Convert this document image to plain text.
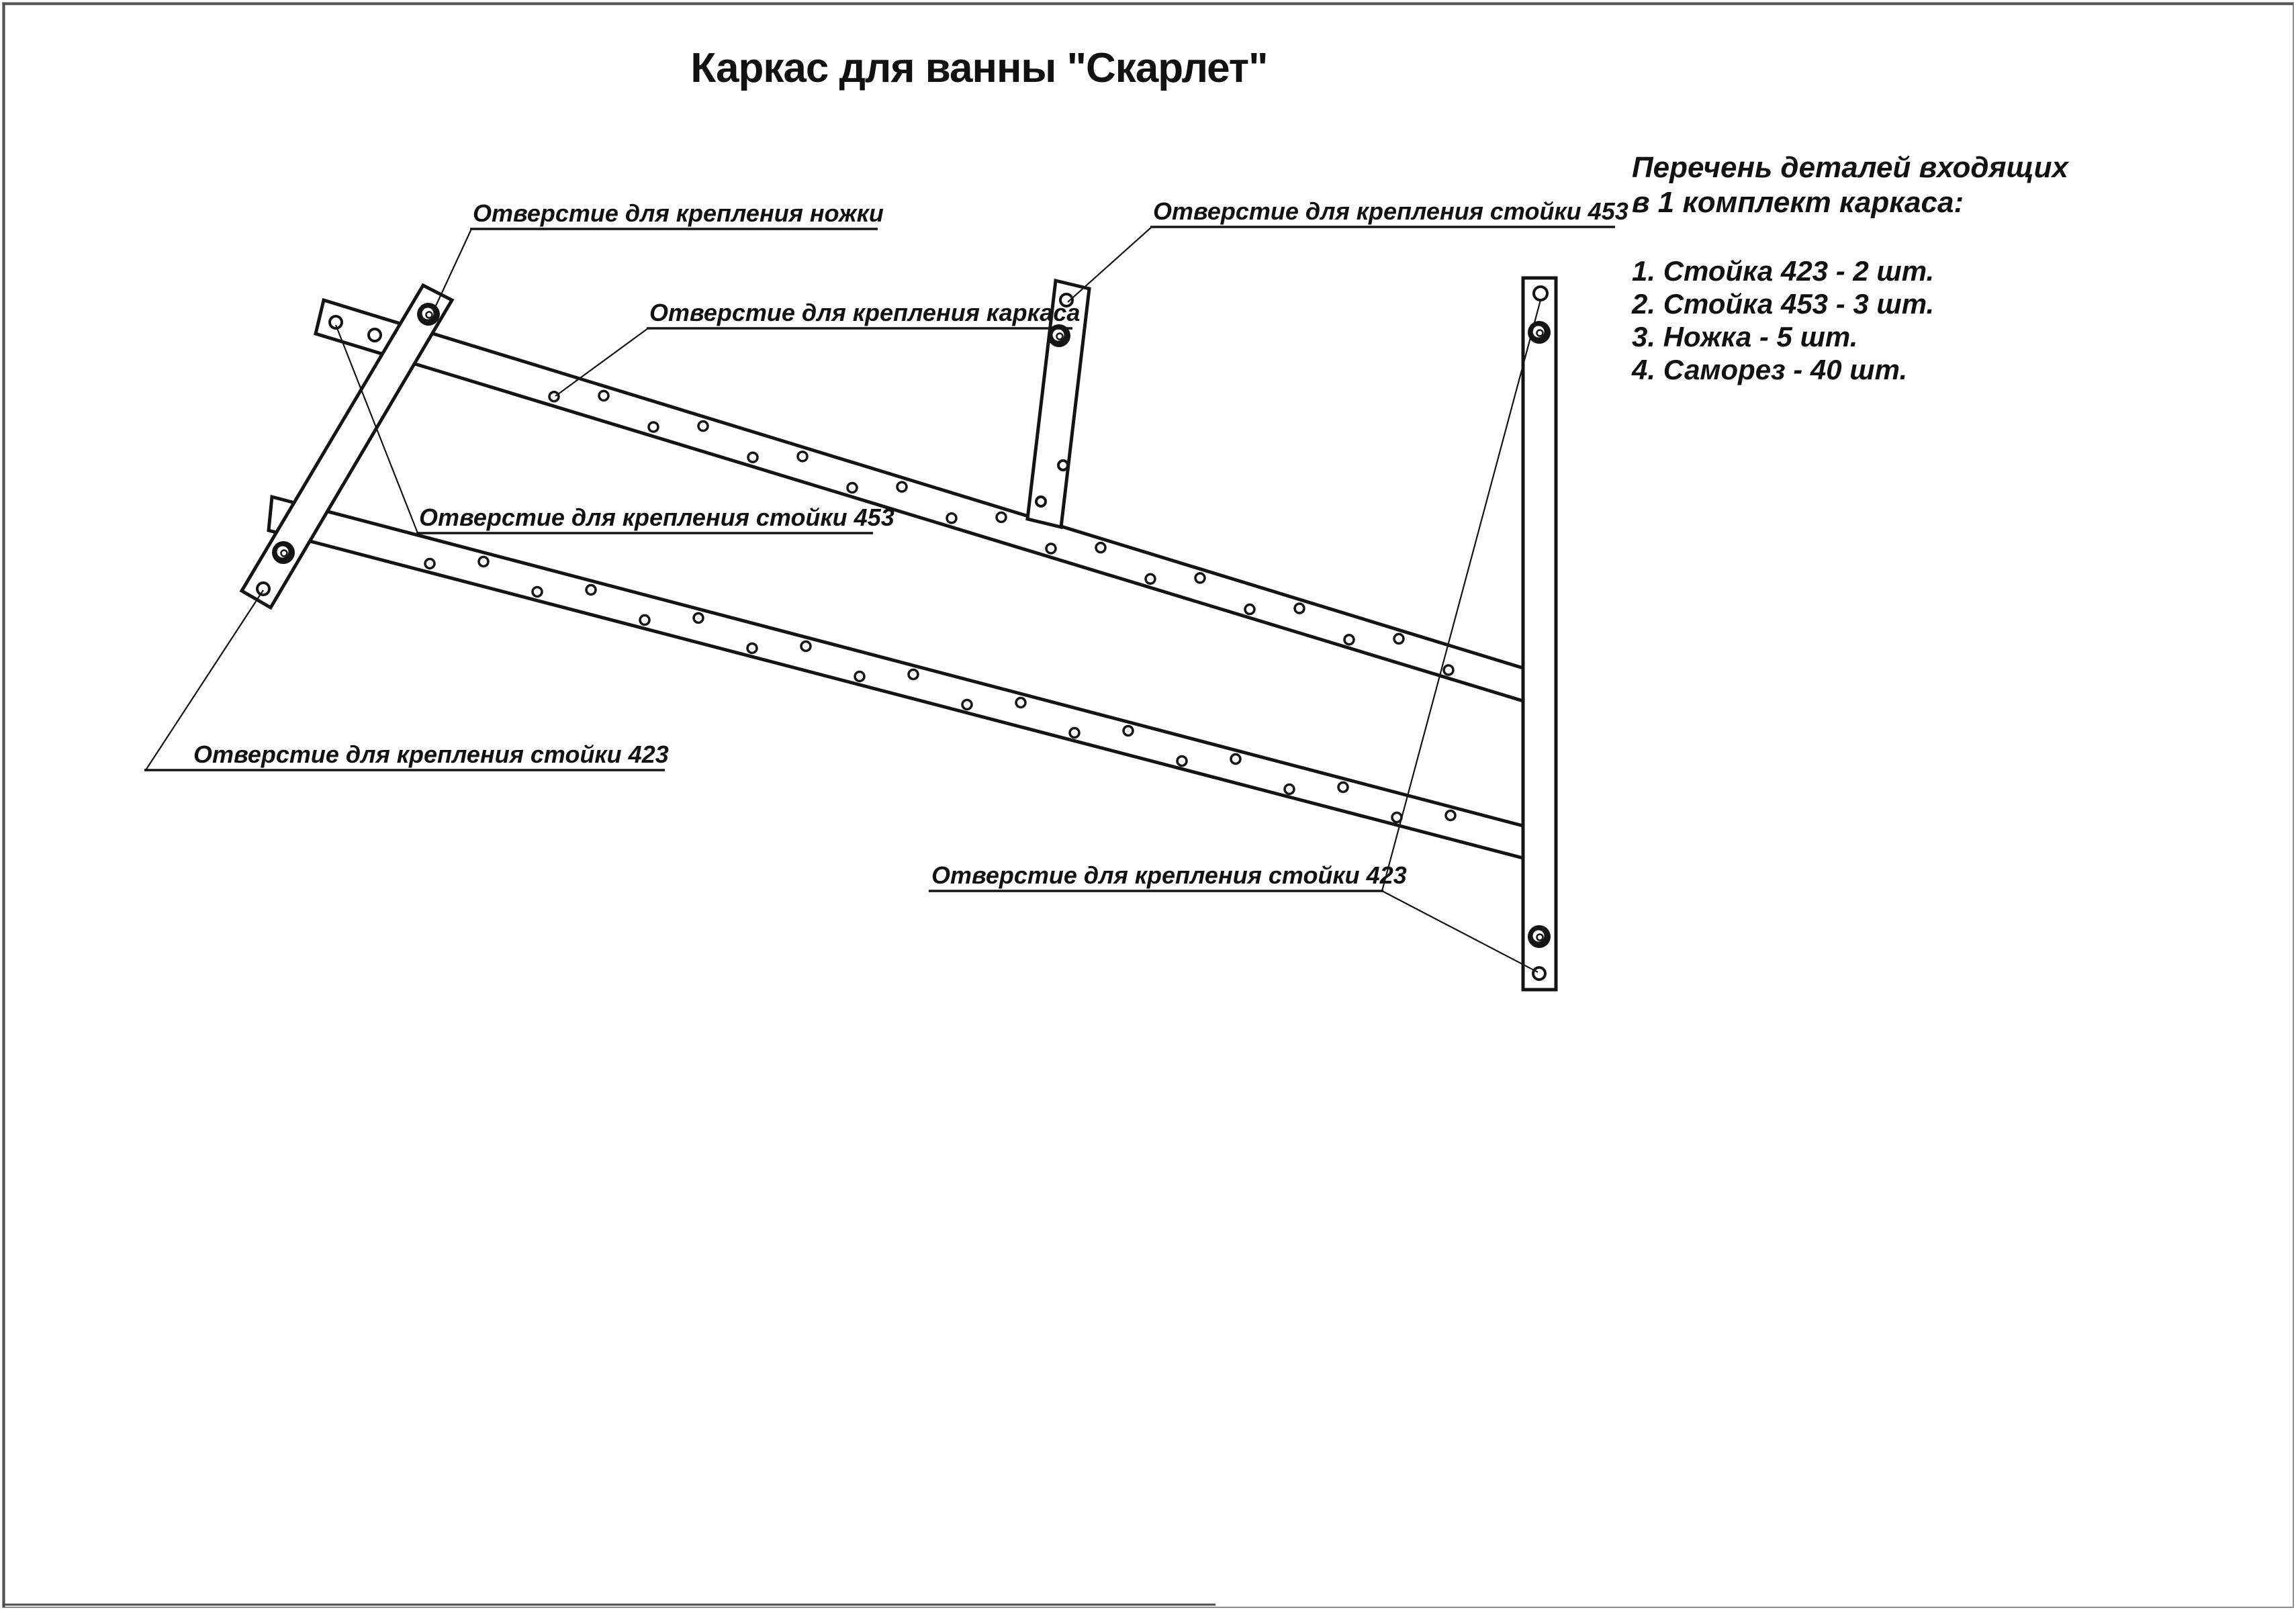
Отверстие для крепления ножки
Отверстие для крепления каркаса
Отверстие для крепления стойки 453
Отверстие для крепления стойки 453
Отверстие для крепления стойки 423
Отверстие для крепления стойки 423
Каркас для ванны "Скарлет"
Перечень деталей входящих
в 1 комплект каркаса:
1. Стойка 423 - 2 шт.
2. Стойка 453 - 3 шт.
3. Ножка - 5 шт.
4. Саморез - 40 шт.
